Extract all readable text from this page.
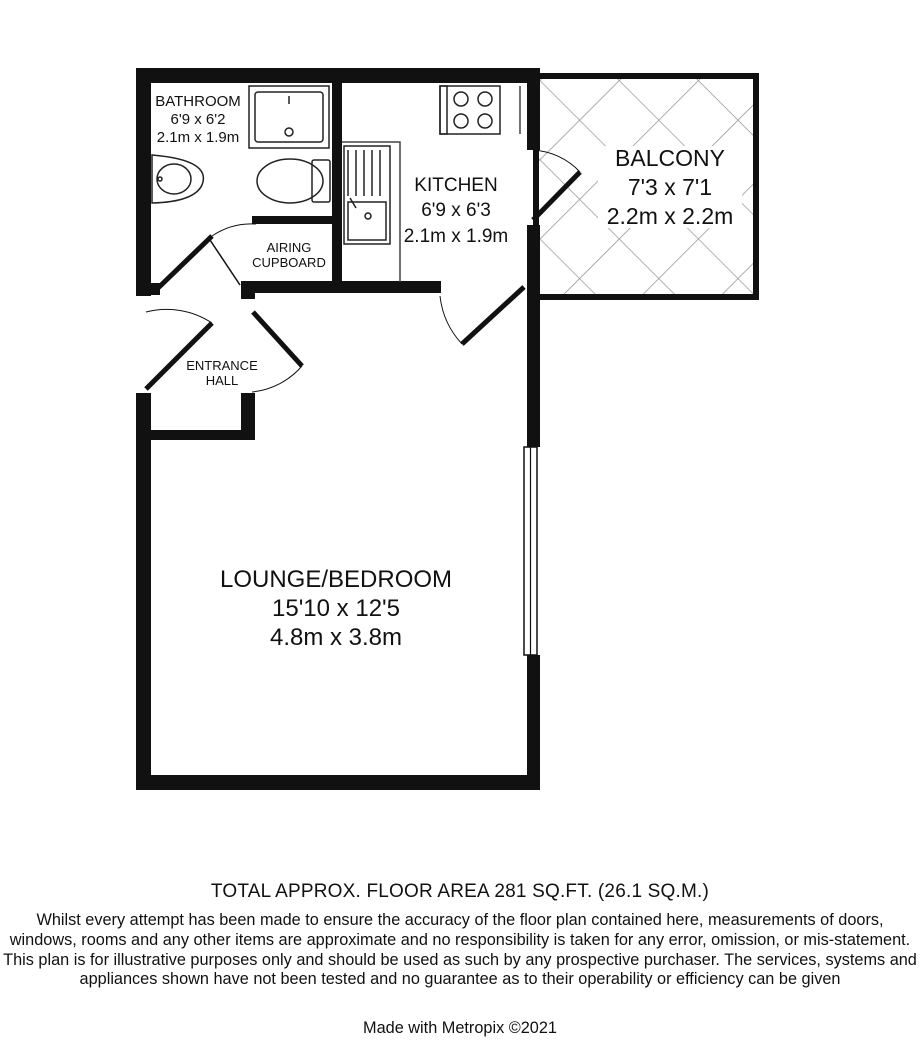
BATHROOM
6'9 x 6'2
2.1m x 1.9m
KITCHEN
6'9 x 6'3
2.1m x 1.9m
BALCONY
7'3 x 7'1
2.2m x 2.2m
AIRING
CUPBOARD
ENTRANCE
HALL
LOUNGE/BEDROOM
15'10 x 12'5
4.8m x 3.8m
TOTAL APPROX. FLOOR AREA 281 SQ.FT. (26.1 SQ.M.)
Whilst every attempt has been made to ensure the accuracy of the floor plan contained here, measurements of doors, windows, rooms and any other items are approximate and no responsibility is taken for any error, omission, or mis-statement. This plan is for illustrative purposes only and should be used as such by any prospective purchaser. The services, systems and appliances shown have not been tested and no guarantee as to their operability or efficiency can be given
Made with Metropix ©2021
